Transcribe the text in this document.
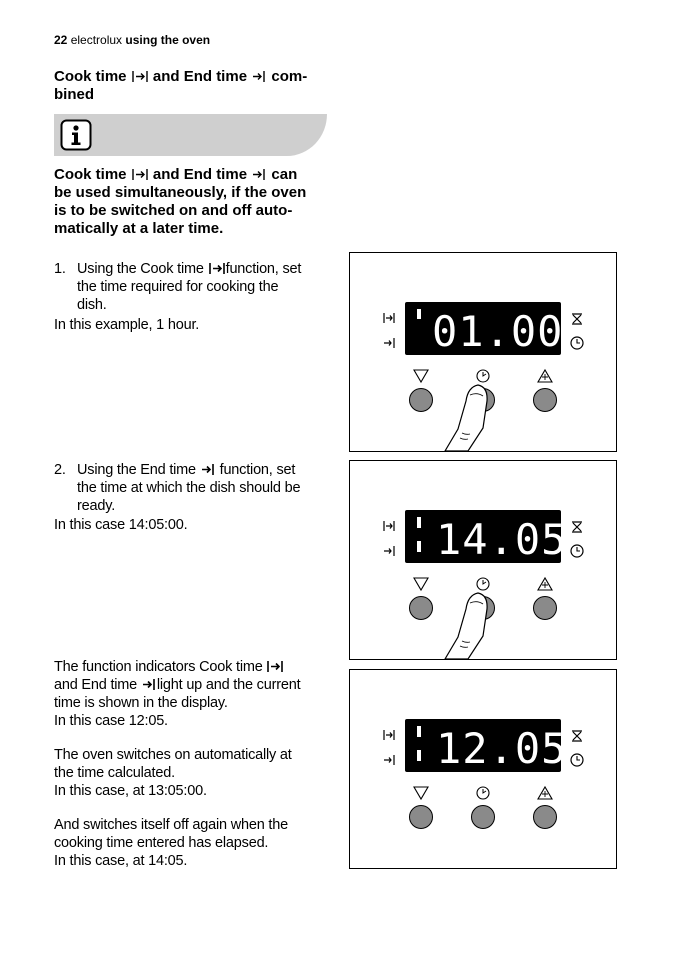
22 electrolux using the oven
Cook time and End time com-
bined
Cook time and End time can
be used simultaneously, if the oven
is to be switched on and off auto-
matically at a later time.
1. Using the Cook time function, set
the time required for cooking the
dish.
In this example, 1 hour.
2. Using the End time function, set
the time at which the dish should be
ready.
In this case 14:05:00.
The function indicators Cook time
and End time light up and the current
time is shown in the display.
In this case 12:05.
The oven switches on automatically at
the time calculated.
In this case, at 13:05:00.
And switches itself off again when the
cooking time entered has elapsed.
In this case, at 14:05.
01.00
14.05
12.05
